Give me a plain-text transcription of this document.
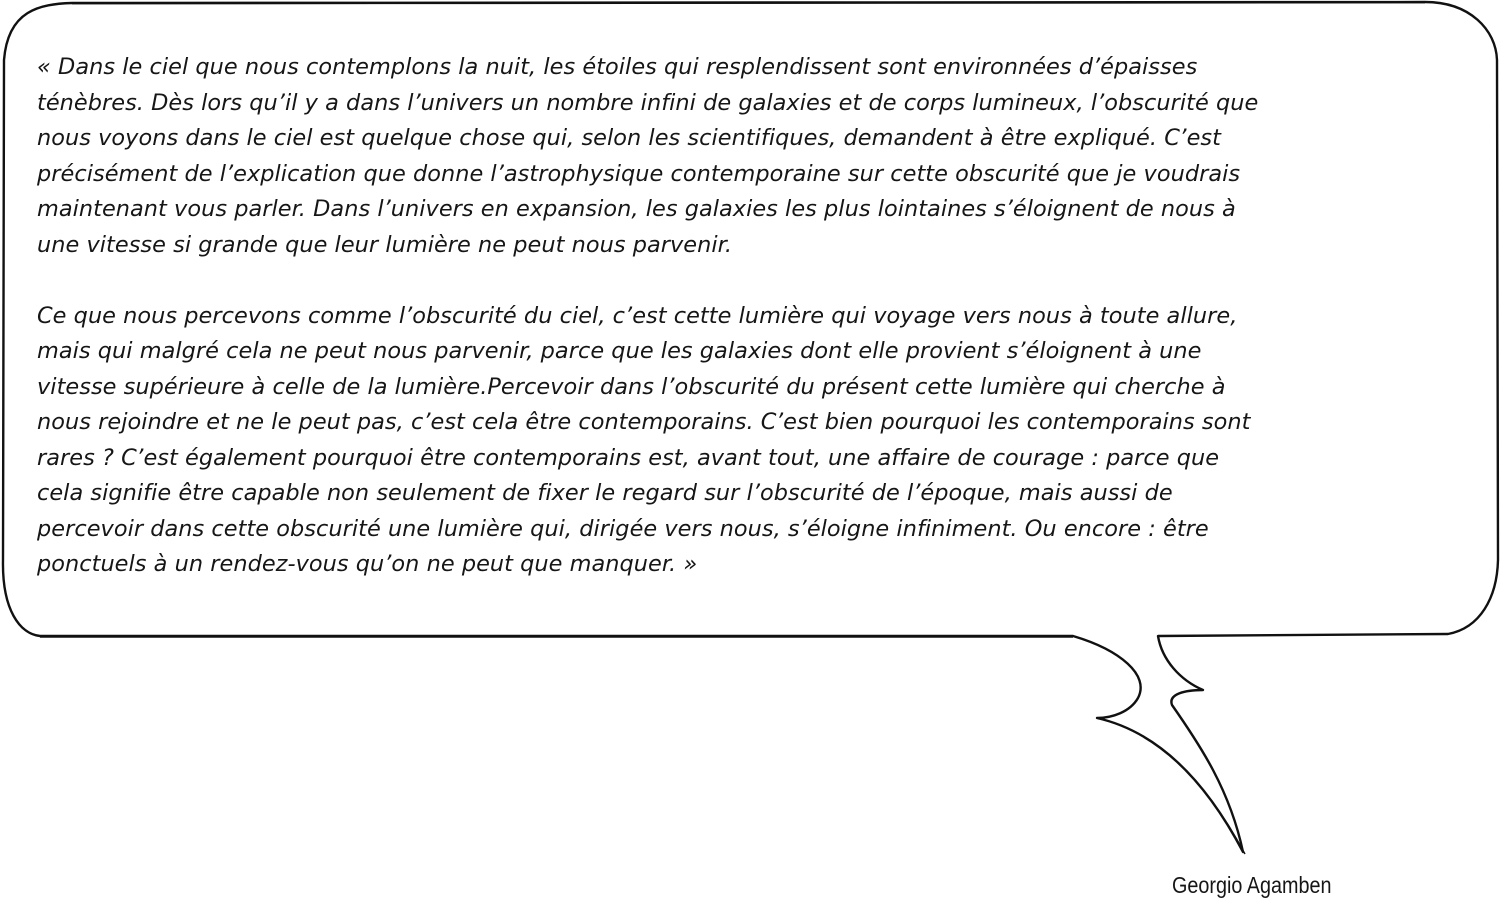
« Dans le ciel que nous contemplons la nuit, les étoiles qui resplendissent sont environnées d’épaisses
ténèbres. Dès lors qu’il y a dans l’univers un nombre infini de galaxies et de corps lumineux, l’obscurité que
nous voyons dans le ciel est quelque chose qui, selon les scientifiques, demandent à être expliqué. C’est
précisément de l’explication que donne l’astrophysique contemporaine sur cette obscurité que je voudrais
maintenant vous parler. Dans l’univers en expansion, les galaxies les plus lointaines s’éloignent de nous à
une vitesse si grande que leur lumière ne peut nous parvenir.

Ce que nous percevons comme l’obscurité du ciel, c’est cette lumière qui voyage vers nous à toute allure,
mais qui malgré cela ne peut nous parvenir, parce que les galaxies dont elle provient s’éloignent à une
vitesse supérieure à celle de la lumière.Percevoir dans l’obscurité du présent cette lumière qui cherche à
nous rejoindre et ne le peut pas, c’est cela être contemporains. C’est bien pourquoi les contemporains sont
rares ? C’est également pourquoi être contemporains est, avant tout, une affaire de courage : parce que
cela signifie être capable non seulement de fixer le regard sur l’obscurité de l’époque, mais aussi de
percevoir dans cette obscurité une lumière qui, dirigée vers nous, s’éloigne infiniment. Ou encore : être
ponctuels à un rendez-vous qu’on ne peut que manquer. »

Georgio Agamben
